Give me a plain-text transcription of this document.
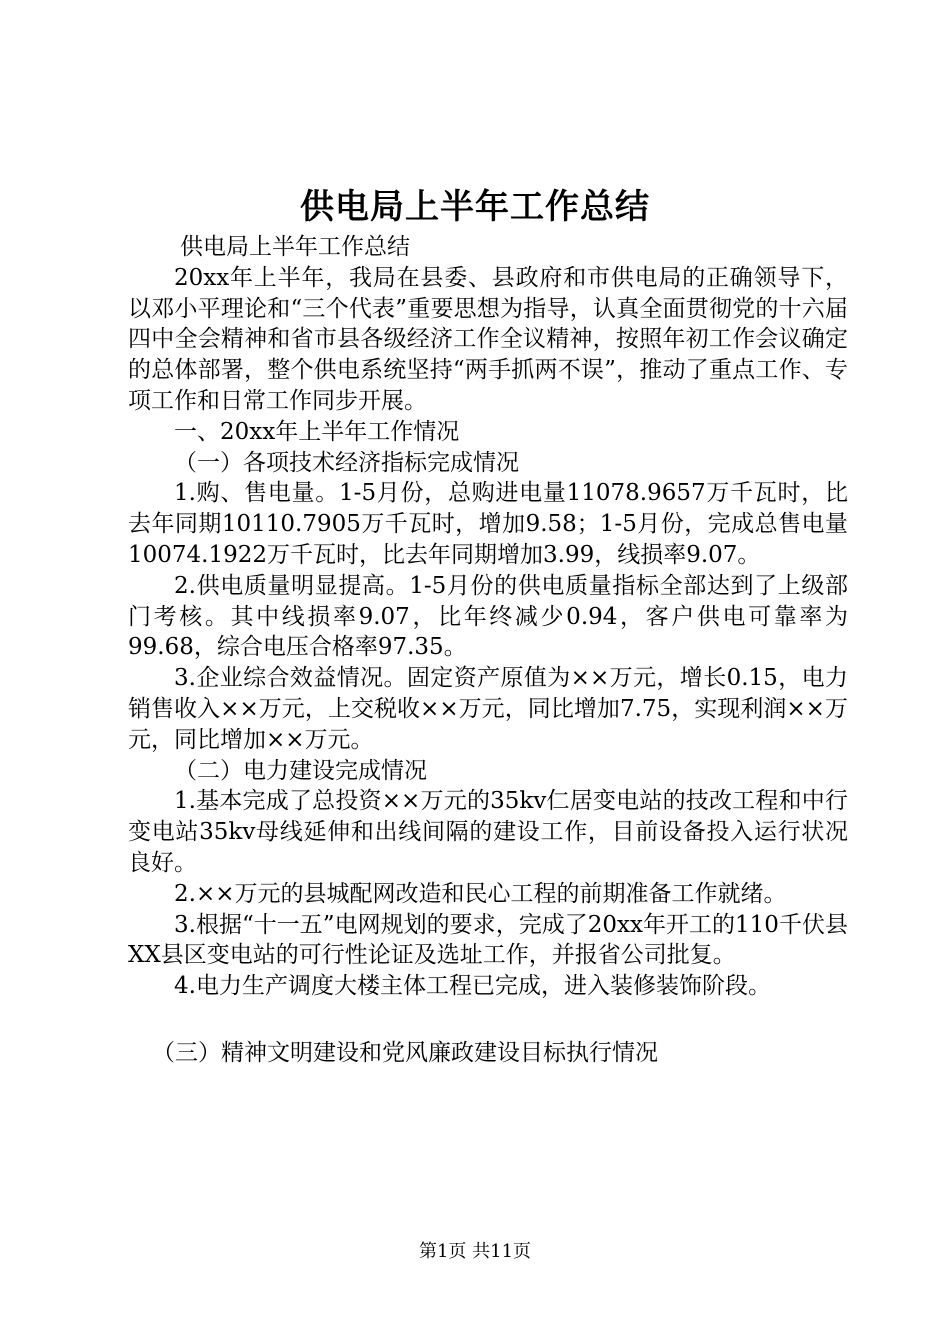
供电局上半年工作总结

供电局上半年工作总结

20xx年上半年，我局在县委、县政府和市供电局的正确领导下，以邓小平理论和“三个代表”重要思想为指导，认真全面贯彻党的十六届四中全会精神和省市县各级经济工作全议精神，按照年初工作会议确定的总体部署，整个供电系统坚持“两手抓两不误”，推动了重点工作、专项工作和日常工作同步开展。

一、20xx年上半年工作情况

（一）各项技术经济指标完成情况

1.购、售电量。1-5月份，总购进电量11078.9657万千瓦时，比去年同期10110.7905万千瓦时，增加9.58；1-5月份，完成总售电量10074.1922万千瓦时，比去年同期增加3.99，线损率9.07。

2.供电质量明显提高。1-5月份的供电质量指标全部达到了上级部门考核。其中线损率9.07，比年终减少0.94，客户供电可靠率为99.68，综合电压合格率97.35。

3.企业综合效益情况。固定资产原值为××万元，增长0.15，电力销售收入××万元，上交税收××万元，同比增加7.75，实现利润××万元，同比增加××万元。

（二）电力建设完成情况

1.基本完成了总投资××万元的35kv仁居变电站的技改工程和中行变电站35kv母线延伸和出线间隔的建设工作，目前设备投入运行状况良好。

2.××万元的县城配网改造和民心工程的前期准备工作就绪。

3.根据“十一五”电网规划的要求，完成了20xx年开工的110千伏县XX县区变电站的可行性论证及选址工作，并报省公司批复。

4.电力生产调度大楼主体工程已完成，进入装修装饰阶段。

（三）精神文明建设和党风廉政建设目标执行情况

第1页 共11页
